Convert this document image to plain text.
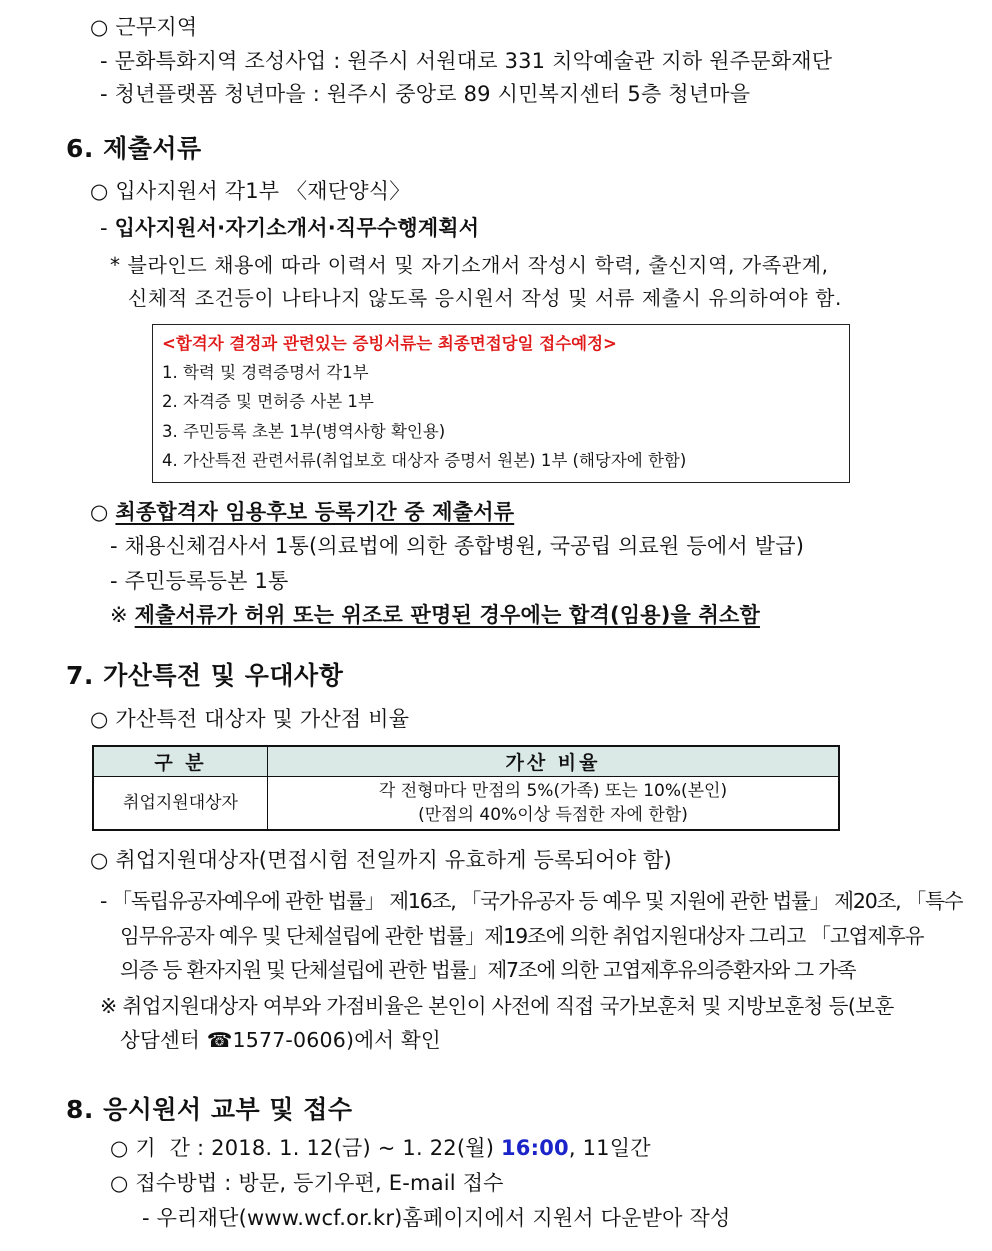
○ 근무지역
- 문화특화지역 조성사업 : 원주시 서원대로 331 치악예술관 지하 원주문화재단
- 청년플랫폼 청년마을 : 원주시 중앙로 89 시민복지센터 5층 청년마을
6. 제출서류
○ 입사지원서 각1부 〈재단양식〉
- 입사지원서·자기소개서·직무수행계획서
* 블라인드 채용에 따라 이력서 및 자기소개서 작성시 학력, 출신지역, 가족관계,
신체적 조건등이 나타나지 않도록 응시원서 작성 및 서류 제출시 유의하여야 함.
<합격자 결정과 관련있는 증빙서류는 최종면접당일 접수예정>
1. 학력 및 경력증명서 각1부
2. 자격증 및 면허증 사본 1부
3. 주민등록 초본 1부(병역사항 확인용)
4. 가산특전 관련서류(취업보호 대상자 증명서 원본) 1부 (해당자에 한함)
○ 최종합격자 임용후보 등록기간 중 제출서류
- 채용신체검사서 1통(의료법에 의한 종합병원, 국공립 의료원 등에서 발급)
- 주민등록등본 1통
※ 제출서류가 허위 또는 위조로 판명된 경우에는 합격(임용)을 취소함
7. 가산특전 및 우대사항
○ 가산특전 대상자 및 가산점 비율
구 분	가산 비율
취업지원대상자	각 전형마다 만점의 5%(가족) 또는 10%(본인)
(만점의 40%이상 득점한 자에 한함)
○ 취업지원대상자(면접시험 전일까지 유효하게 등록되어야 함)
- 「독립유공자예우에 관한 법률」 제16조, 「국가유공자 등 예우 및 지원에 관한 법률」 제20조, 「특수
임무유공자 예우 및 단체설립에 관한 법률」제19조에 의한 취업지원대상자 그리고 「고엽제후유
의증 등 환자지원 및 단체설립에 관한 법률」제7조에 의한 고엽제후유의증환자와 그 가족
※ 취업지원대상자 여부와 가점비율은 본인이 사전에 직접 국가보훈처 및 지방보훈청 등(보훈
상담센터 ☎1577-0606)에서 확인
8. 응시원서 교부 및 접수
○ 기  간 : 2018. 1. 12(금) ~ 1. 22(월) 16:00, 11일간
○ 접수방법 : 방문, 등기우편, E-mail 접수
- 우리재단(www.wcf.or.kr)홈페이지에서 지원서 다운받아 작성
